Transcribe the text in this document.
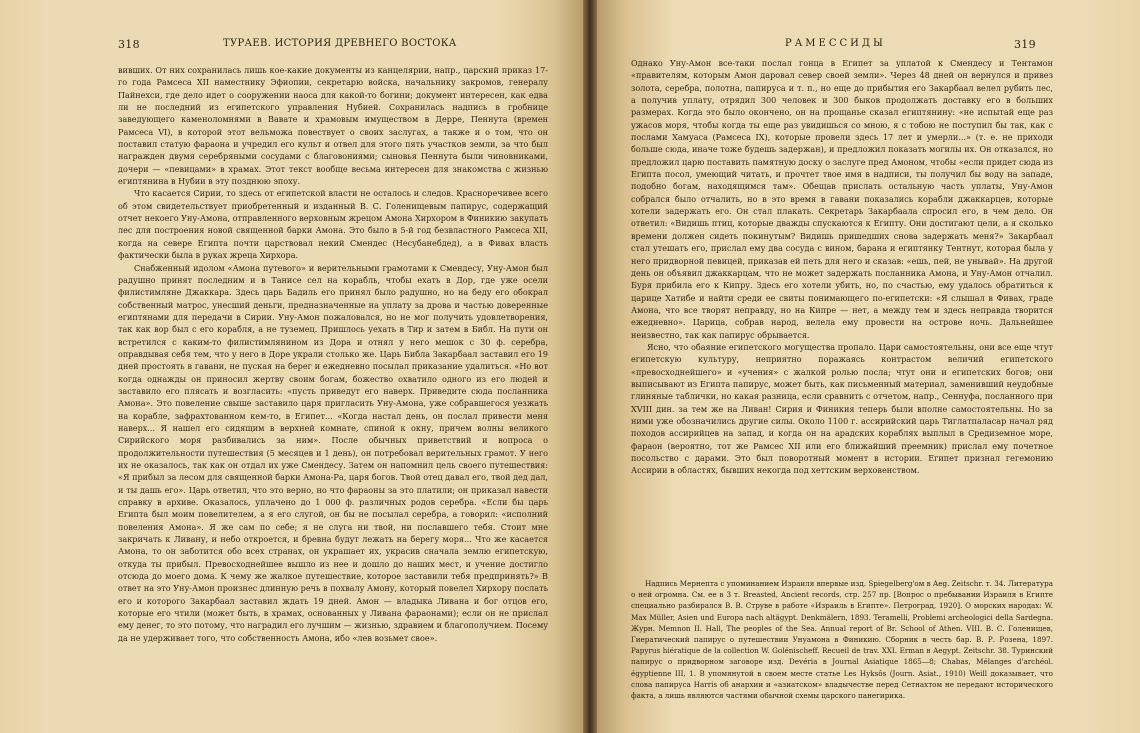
318	ТУРАЕВ. ИСТОРИЯ ДРЕВНЕГО ВОСТОКА

вивших. От них сохранилась лишь кое-какие документы из канцелярии, напр., царский приказ 17-го года Рамсеса XII наместнику Эфиопии, секретарю войска, начальнику закромов, генералу Пайнехси, где дело идет о сооружении наоса для какой-то богини; документ интересен, как едва ли не последний из египетского управления Нубией. Сохранилась надпись в гробнице заведующего каменоломнями в Вавате и храмовым имуществом в Дерре, Пеннута (времен Рамсеса VI), в которой этот вельможа повествует о своих заслугах, а также и о том, что он поставил статую фараона и учредил его культ и отвел для этого пять участков земли, за что был награжден двумя серебряными сосудами с благовониями; сыновья Пеннута были чиновниками, дочери — «певицами» в храмах. Этот текст вообще весьма интересен для знакомства с жизнью египтянина в Нубии в эту позднюю эпоху.

Что касается Сирии, то здесь от египетской власти не осталось и следов. Красноречивее всего об этом свидетельствует приобретенный и изданный В. С. Голенищевым папирус, содержащий отчет некоего Уну-Амона, отправленного верховным жрецом Амона Хирхором в Финикию закупать лес для построения новой священной барки Амона. Это было в 5-й год безвластного Рамсеса XII, когда на севере Египта почти царствовал некий Смендес (Несубанебдед), а в Фивах власть фактически была в руках жреца Хирхора.

Снабженный идолом «Амона путевого» и верительными грамотами к Смендесу, Уну-Амон был радушно принят последним и в Танисе сел на корабль, чтобы ехать в Дор, где уже осели филистимляне Джаккара. Здесь царь Бадиль его принял было радушно, но на беду его обокрал собственный матрос, унесший деньги, предназначенные на уплату за дрова и частью доверенные египтянами для передачи в Сирии. Уну-Амон пожаловался, но не мог получить удовлетворения, так как вор был с его корабля, а не туземец. Пришлось уехать в Тир и затем в Библ. На пути он встретился с каким-то филистимлянином из Дора и отнял у него мешок с 30 ф. серебра, оправдывая себя тем, что у него в Доре украли столько же. Царь Библа Закарбаал заставил его 19 дней простоять в гавани, не пуская на берег и ежедневно посылал приказание удалиться. «Но вот когда однажды он приносил жертву своим богам, божество охватило одного из его людей и заставило его плясать и возгласить: «пусть приведут его наверх. Приведите сюда посланника Амона». Это повеление свыше заставило царя пригласить Уну-Амона, уже собравшегося уезжать на корабле, зафрахтованном кем-то, в Египет... «Когда настал день, он послал привести меня наверх... Я нашел его сидящим в верхней комнате, спиной к окну, причем волны великого Сирийского моря разбивались за ним». После обычных приветствий и вопроса о продолжительности путешествия (5 месяцев и 1 день), он потребовал верительных грамот. У него их не оказалось, так как он отдал их уже Смендесу. Затем он напомнил цель своего путешествия: «Я прибыл за лесом для священной барки Амона-Ра, царя богов. Твой отец давал его, твой дед дал, и ты дашь его». Царь ответил, что это верно, но что фараоны за это платили; он приказал навести справку в архиве. Оказалось, уплачено до 1 000 ф. различных родов серебра. «Если бы царь Египта был моим повелителем, а я его слугой, он бы не посылал серебра, а говорил: «исполний повеления Амона». Я же сам по себе; я не слуга ни твой, ни пославшего тебя. Стоит мне закричать к Ливану, и небо откроется, и бревна будут лежать на берегу моря... Что же касается Амона, то он заботится обо всех странах, он украшает их, украсив сначала землю египетскую, откуда ты прибыл. Превосходнейшее вышло из нее и дошло до наших мест, и учение достигло отсюда до моего дома. К чему же жалкое путешествие, которое заставили тебя предпринять?» В ответ на это Уну-Амон произнес длинную речь в похвалу Амону, который повелел Хирхору послать его и которого Закарбаал заставил ждать 19 дней. Амон — владыка Ливана и бог отцов его, которые его чтили (может быть, в храмах, основанных у Ливана фараонами); если он не прислал ему денег, то это потому, что наградил его лучшим — жизнью, здравием и благополучием. Посему да не удерживает того, что собственность Амона, ибо «лев возьмет свое».

РАМЕССИДЫ	319

Однако Уну-Амон все-таки послал гонца в Египет за уплатой к Смендесу и Тентамон «правителям, которым Амон даровал север своей земли». Через 48 дней он вернулся и привез золота, серебра, полотна, папируса и т. п., но еще до прибытия его Закарбаал велел рубить лес, а получив уплату, отрядил 300 человек и 300 быков продолжать доставку его в больших размерах. Когда это было окончено, он на прощанье сказал египтянину: «не испытай еще раз ужасов моря, чтобы когда ты еще раз увидишься со мною, я с тобою не поступил бы так, как с послами Хамуаса (Рамсеса IX), которые провели здесь 17 лет и умерли...» (т. е. не приходи больше сюда, иначе тоже будешь задержан), и предложил показать могилы их. Он отказался, но предложил царю поставить памятную доску о заслуге пред Амоном, чтобы «если придет сюда из Египта посол, умеющий читать, и прочтет твое имя в надписи, ты получил бы воду на западе, подобно богам, находящимся там». Обещав прислать остальную часть уплаты, Уну-Амон собрался было отчалить, но в это время в гавани показались корабли джаккарцев, которые хотели задержать его. Он стал плакать. Секретарь Закарбаала спросил его, в чем дело. Он ответил: «Видишь птиц, которые дважды спускаются к Египту. Они достигают цели, а я сколько времени должен сидеть покинутым? Видишь пришедших снова задержать меня?» Закарбаал стал утешать его, прислал ему два сосуда с вином, барана и египтянку Тентнут, которая была у него придворной певицей, приказав ей петь для него и сказав: «ешь, пей, не унывай». На другой день он объявил джаккарцам, что не может задержать посланника Амона, и Уну-Амон отчалил. Буря прибила его к Кипру. Здесь его хотели убить, но, по счастью, ему удалось обратиться к царице Хатибе и найти среди ее свиты понимающего по-египетски: «Я слышал в Фивах, граде Амона, что все творят неправду, но на Кипре — нет, а между тем и здесь неправда творится ежедневно». Царица, собрав народ, велела ему провести на острове ночь. Дальнейшее неизвестно, так как папирус обрывается.

Ясно, что обаяние египетского могущества пропало. Цари самостоятельны, они все еще чтут египетскую культуру, неприятно поражаясь контрастом величий египетского «превосходнейшего» и «учения» с жалкой ролью посла; чтут они и египетских богов; они выписывают из Египта папирус, может быть, как письменный материал, заменивший неудобные глиняные таблички, но какая разница, если сравнить с отчетом, напр., Сеннуфа, посланного при XVIII дин. за тем же на Ливан! Сирия и Финикия теперь были вполне самостоятельны. Но за ними уже обозначились другие силы. Около 1100 г. ассирийский царь Тиглатпаласар начал ряд походов ассирийцев на запад, и когда он на арадских кораблях выплыл в Средиземное море, фараон (вероятно, тот же Рамсес XII или его ближайший преемник) прислал ему почетное посольство с дарами. Это был поворотный момент в истории. Египет признал гегемонию Ассирии в областях, бывших некогда под хеттским верховенством.

Надпись Мернепта с упоминанием Израиля впервые изд. Spiegelberg'ом в Aeg. Zeitschr. т. 34. Литература о ней огромна. См. ее в 3 т. Breasted, Ancient records, стр. 257 пр. [Вопрос о пребывании Израиля в Египте специально разбирался В. В. Струве в работе «Израиль в Египте». Петроград, 1920]. О морских народах: W. Max Müller, Asien und Europa nach altägypt. Denkmälern, 1893. Teramelli, Problemi archeologici della Sardegna. Журн. Memnon II. Hall, The peoples of the Sea. Annual report of Br. School of Athen. VIII. В. С. Голенищев, Гиератический папирус о путешествии Унуамона в Финикию. Сборник в честь бар. В. Р. Розена, 1897. Papyrus hiératique de la collection W. Golénischeff. Recueil de trav. XXI. Erman в Aegypt. Zeitschr. 38. Туринский папирус о придворном заговоре изд. Devéria в Journal Asiatique 1865—8; Chabas, Mélanges d'archéol. égyptienne III, 1. В упомянутой в своем месте статье Les Hyksôs (Journ. Asiat., 1910) Weill доказывает, что слова папируса Harris об анархии и «азиатском» владычестве перед Сетнахтом не передают исторического факта, а лишь являются частями обычной схемы царского панегирика.
